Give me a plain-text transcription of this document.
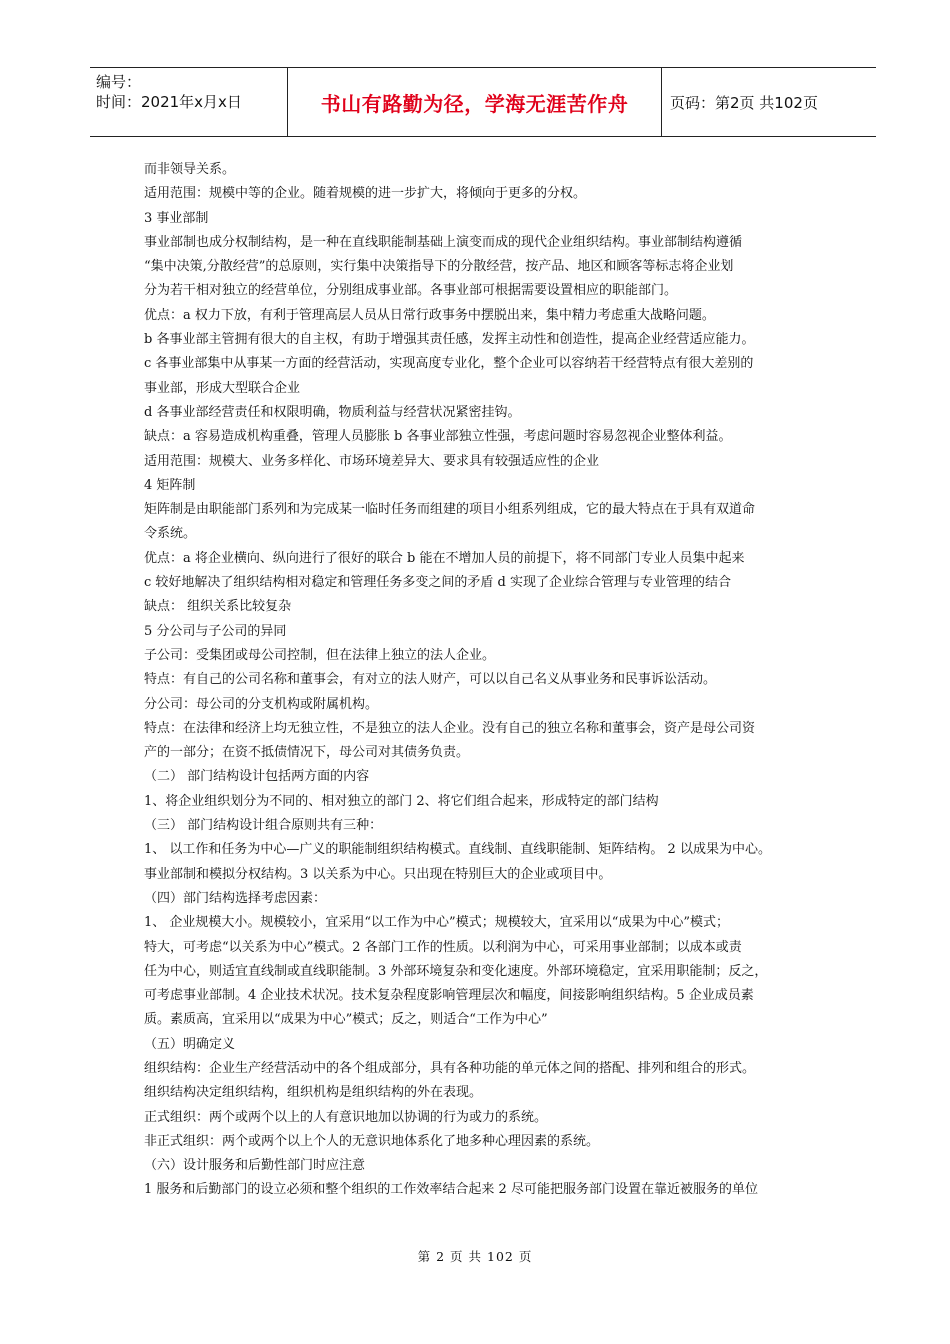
编号：
时间：2021年x月x日	书山有路勤为径，学海无涯苦作舟	页码：第2页 共102页
而非领导关系。
适用范围：规模中等的企业。随着规模的进一步扩大，将倾向于更多的分权。
3 事业部制
事业部制也成分权制结构，是一种在直线职能制基础上演变而成的现代企业组织结构。事业部制结构遵循
“集中决策,分散经营”的总原则，实行集中决策指导下的分散经营，按产品、地区和顾客等标志将企业划
分为若干相对独立的经营单位，分别组成事业部。各事业部可根据需要设置相应的职能部门。
优点：a 权力下放，有利于管理高层人员从日常行政事务中摆脱出来，集中精力考虑重大战略问题。
b 各事业部主管拥有很大的自主权，有助于增强其责任感，发挥主动性和创造性，提高企业经营适应能力。
c 各事业部集中从事某一方面的经营活动，实现高度专业化，整个企业可以容纳若干经营特点有很大差别的
事业部，形成大型联合企业
d 各事业部经营责任和权限明确，物质利益与经营状况紧密挂钩。
缺点：a 容易造成机构重叠，管理人员膨胀 b 各事业部独立性强，考虑问题时容易忽视企业整体利益。
适用范围：规模大、业务多样化、市场环境差异大、要求具有较强适应性的企业
4 矩阵制
矩阵制是由职能部门系列和为完成某一临时任务而组建的项目小组系列组成，它的最大特点在于具有双道命
令系统。
优点：a 将企业横向、纵向进行了很好的联合 b 能在不增加人员的前提下，将不同部门专业人员集中起来
c 较好地解决了组织结构相对稳定和管理任务多变之间的矛盾 d 实现了企业综合管理与专业管理的结合
缺点： 组织关系比较复杂
5 分公司与子公司的异同
子公司：受集团或母公司控制，但在法律上独立的法人企业。
特点：有自己的公司名称和董事会，有对立的法人财产，可以以自己名义从事业务和民事诉讼活动。
分公司：母公司的分支机构或附属机构。
特点：在法律和经济上均无独立性，不是独立的法人企业。没有自己的独立名称和董事会，资产是母公司资
产的一部分；在资不抵债情况下，母公司对其债务负责。
（二） 部门结构设计包括两方面的内容
1、将企业组织划分为不同的、相对独立的部门 2、将它们组合起来，形成特定的部门结构
（三） 部门结构设计组合原则共有三种：
1、 以工作和任务为中心—广义的职能制组织结构模式。直线制、直线职能制、矩阵结构。 2 以成果为中心。
事业部制和模拟分权结构。3 以关系为中心。只出现在特别巨大的企业或项目中。
（四）部门结构选择考虑因素：
1、 企业规模大小。规模较小，宜采用“以工作为中心”模式；规模较大，宜采用以“成果为中心”模式；
特大，可考虑“以关系为中心”模式。2 各部门工作的性质。以利润为中心，可采用事业部制；以成本或责
任为中心，则适宜直线制或直线职能制。3 外部环境复杂和变化速度。外部环境稳定，宜采用职能制；反之，
可考虑事业部制。4 企业技术状况。技术复杂程度影响管理层次和幅度，间接影响组织结构。5 企业成员素
质。素质高，宜采用以“成果为中心”模式；反之，则适合“工作为中心”
（五）明确定义
组织结构：企业生产经营活动中的各个组成部分，具有各种功能的单元体之间的搭配、排列和组合的形式。
组织结构决定组织结构，组织机构是组织结构的外在表现。
正式组织：两个或两个以上的人有意识地加以协调的行为或力的系统。
非正式组织：两个或两个以上个人的无意识地体系化了地多种心理因素的系统。
（六）设计服务和后勤性部门时应注意
1 服务和后勤部门的设立必须和整个组织的工作效率结合起来 2 尽可能把服务部门设置在靠近被服务的单位
第 2 页 共 102 页
